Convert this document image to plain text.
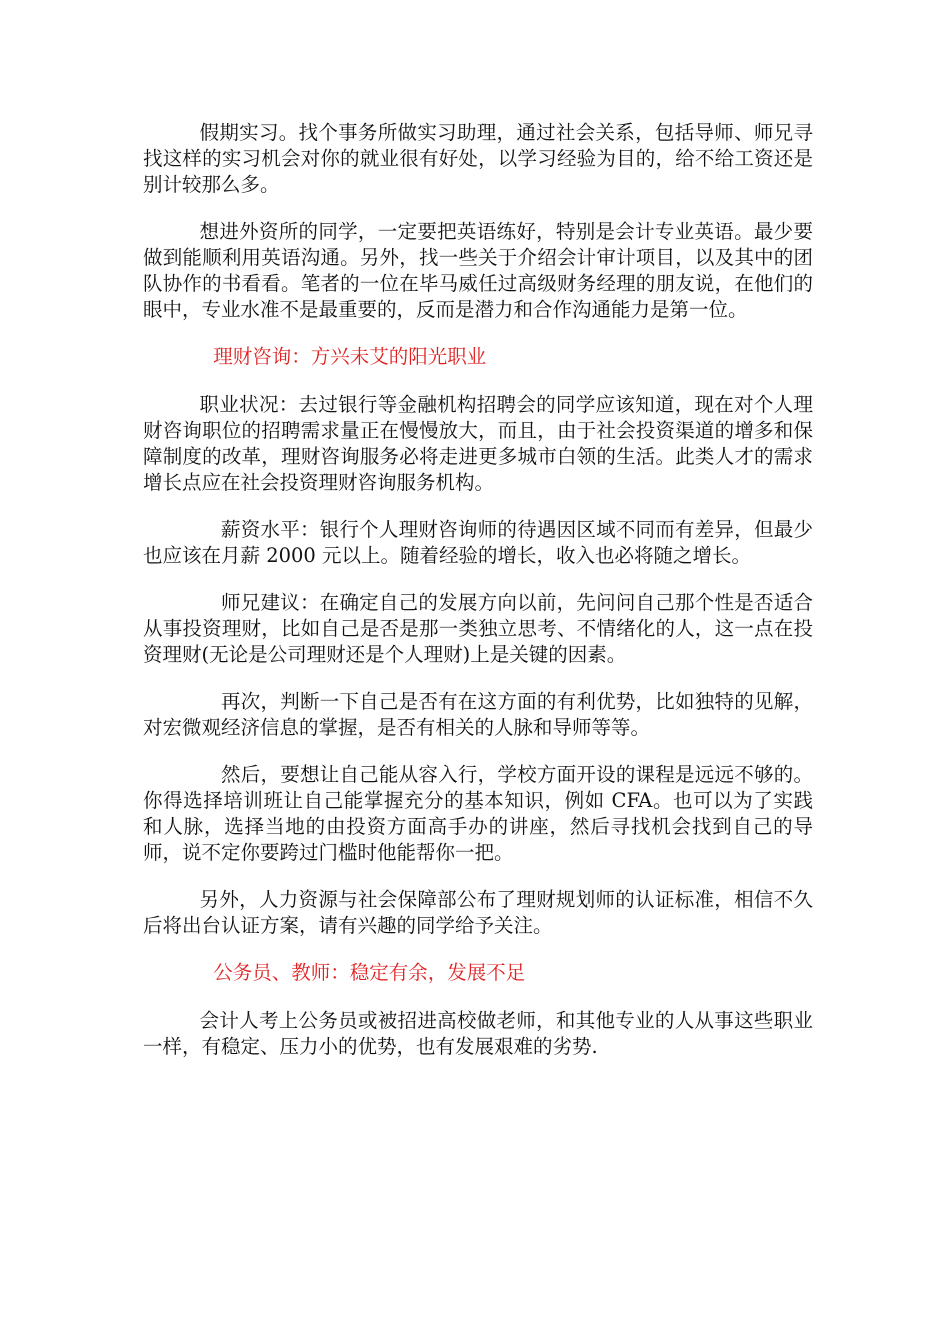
假期实习。找个事务所做实习助理，通过社会关系，包括导师、师兄寻找这样的实习机会对你的就业很有好处，以学习经验为目的，给不给工资还是别计较那么多。

想进外资所的同学，一定要把英语练好，特别是会计专业英语。最少要做到能顺利用英语沟通。另外，找一些关于介绍会计审计项目，以及其中的团队协作的书看看。笔者的一位在毕马威任过高级财务经理的朋友说，在他们的眼中，专业水准不是最重要的，反而是潜力和合作沟通能力是第一位。

理财咨询：方兴未艾的阳光职业

职业状况：去过银行等金融机构招聘会的同学应该知道，现在对个人理财咨询职位的招聘需求量正在慢慢放大，而且，由于社会投资渠道的增多和保障制度的改革，理财咨询服务必将走进更多城市白领的生活。此类人才的需求增长点应在社会投资理财咨询服务机构。

薪资水平：银行个人理财咨询师的待遇因区域不同而有差异，但最少也应该在月薪 2000 元以上。随着经验的增长，收入也必将随之增长。

师兄建议：在确定自己的发展方向以前，先问问自己那个性是否适合从事投资理财，比如自己是否是那一类独立思考、不情绪化的人，这一点在投资理财(无论是公司理财还是个人理财)上是关键的因素。

再次，判断一下自己是否有在这方面的有利优势，比如独特的见解，对宏微观经济信息的掌握，是否有相关的人脉和导师等等。

然后，要想让自己能从容入行，学校方面开设的课程是远远不够的。你得选择培训班让自己能掌握充分的基本知识，例如 CFA。也可以为了实践和人脉，选择当地的由投资方面高手办的讲座，然后寻找机会找到自己的导师，说不定你要跨过门槛时他能帮你一把。

另外，人力资源与社会保障部公布了理财规划师的认证标准，相信不久后将出台认证方案，请有兴趣的同学给予关注。

公务员、教师：稳定有余，发展不足

会计人考上公务员或被招进高校做老师，和其他专业的人从事这些职业一样，有稳定、压力小的优势，也有发展艰难的劣势.
